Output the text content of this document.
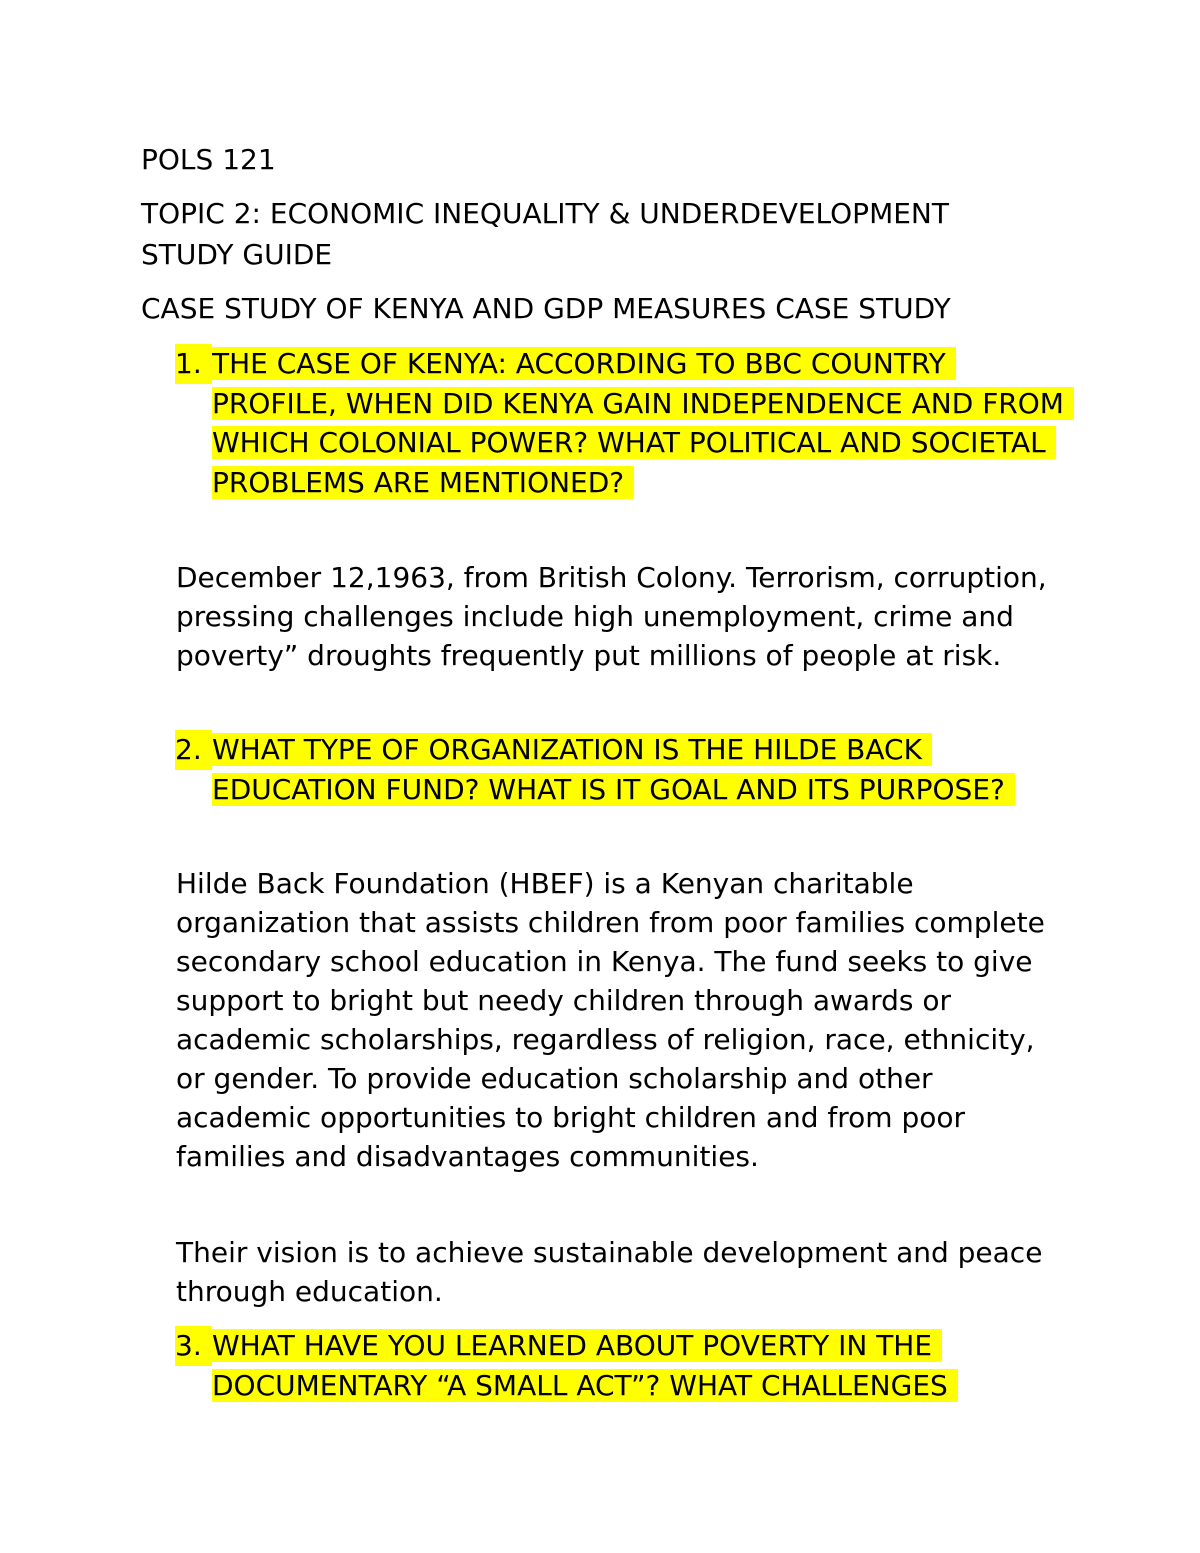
POLS 121

TOPIC 2: ECONOMIC INEQUALITY & UNDERDEVELOPMENT

STUDY GUIDE

CASE STUDY OF KENYA AND GDP MEASURES CASE STUDY

1. THE CASE OF KENYA: ACCORDING TO BBC COUNTRY PROFILE, WHEN DID KENYA GAIN INDEPENDENCE AND FROM WHICH COLONIAL POWER? WHAT POLITICAL AND SOCIETAL PROBLEMS ARE MENTIONED?

December 12,1963, from British Colony. Terrorism, corruption, pressing challenges include high unemployment, crime and poverty” droughts frequently put millions of people at risk.

2. WHAT TYPE OF ORGANIZATION IS THE HILDE BACK EDUCATION FUND? WHAT IS IT GOAL AND ITS PURPOSE?

Hilde Back Foundation (HBEF) is a Kenyan charitable organization that assists children from poor families complete secondary school education in Kenya. The fund seeks to give support to bright but needy children through awards or academic scholarships, regardless of religion, race, ethnicity, or gender. To provide education scholarship and other academic opportunities to bright children and from poor families and disadvantages communities.

Their vision is to achieve sustainable development and peace through education.

3. WHAT HAVE YOU LEARNED ABOUT POVERTY IN THE DOCUMENTARY “A SMALL ACT”? WHAT CHALLENGES
